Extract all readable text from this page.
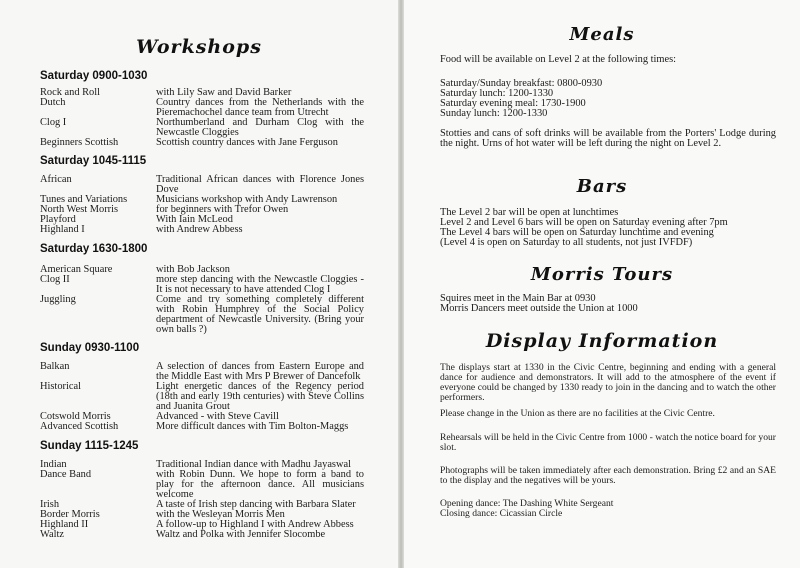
Workshops
Saturday 0900-1030
Rock and Roll	with Lily Saw and David Barker
Dutch	Country dances from the Netherlands with the Pieremachochel dance team from Utrecht
Clog I	Northumberland and Durham Clog with the Newcastle Cloggies
Beginners Scottish	Scottish country dances with Jane Ferguson
Saturday 1045-1115
African	Traditional African dances with Florence Jones Dove
Tunes and Variations	Musicians workshop with Andy Lawrenson
North West Morris	for beginners with Trefor Owen
Playford	With Iain McLeod
Highland I	with Andrew Abbess
Saturday 1630-1800
American Square	with Bob Jackson
Clog II	more step dancing with the Newcastle Cloggies - It is not necessary to have attended Clog I
Juggling	Come and try something completely different with Robin Humphrey of the Social Policy department of Newcastle University. (Bring your own balls ?)
Sunday 0930-1100
Balkan	A selection of dances from Eastern Europe and the Middle East with Mrs P Brewer of Dancefolk
Historical	Light energetic dances of the Regency period (18th and early 19th centuries) with Steve Collins and Juanita Grout
Cotswold Morris	Advanced - with Steve Cavill
Advanced Scottish	More difficult dances with Tim Bolton-Maggs
Sunday 1115-1245
Indian	Traditional Indian dance with Madhu Jayaswal
Dance Band	with Robin Dunn. We hope to form a band to play for the afternoon dance. All musicians welcome
Irish	A taste of Irish step dancing with Barbara Slater
Border Morris	with the Wesleyan Morris Men
Highland II	A follow-up to Highland I with Andrew Abbess
Waltz	Waltz and Polka with Jennifer Slocombe
Meals
Food will be available on Level 2 at the following times:
Saturday/Sunday breakfast: 0800-0930
Saturday lunch: 1200-1330
Saturday evening meal: 1730-1900
Sunday lunch: 1200-1330
Stotties and cans of soft drinks will be available from the Porters' Lodge during the night. Urns of hot water will be left during the night on Level 2.
Bars
The Level 2 bar will be open at lunchtimes
Level 2 and Level 6 bars will be open on Saturday evening after 7pm
The Level 4 bars will be open on Saturday lunchtime and evening
(Level 4 is open on Saturday to all students, not just IVFDF)
Morris Tours
Squires meet in the Main Bar at 0930
Morris Dancers meet outside the Union at 1000
Display Information
The displays start at 1330 in the Civic Centre, beginning and ending with a general dance for audience and demonstrators. It will add to the atmosphere of the event if everyone could be changed by 1330 ready to join in the dancing and to watch the other performers.
Please change in the Union as there are no facilities at the Civic Centre.
Rehearsals will be held in the Civic Centre from 1000 - watch the notice board for your slot.
Photographs will be taken immediately after each demonstration. Bring £2 and an SAE to the display and the negatives will be yours.
Opening dance: The Dashing White Sergeant
Closing dance: Cicassian Circle
